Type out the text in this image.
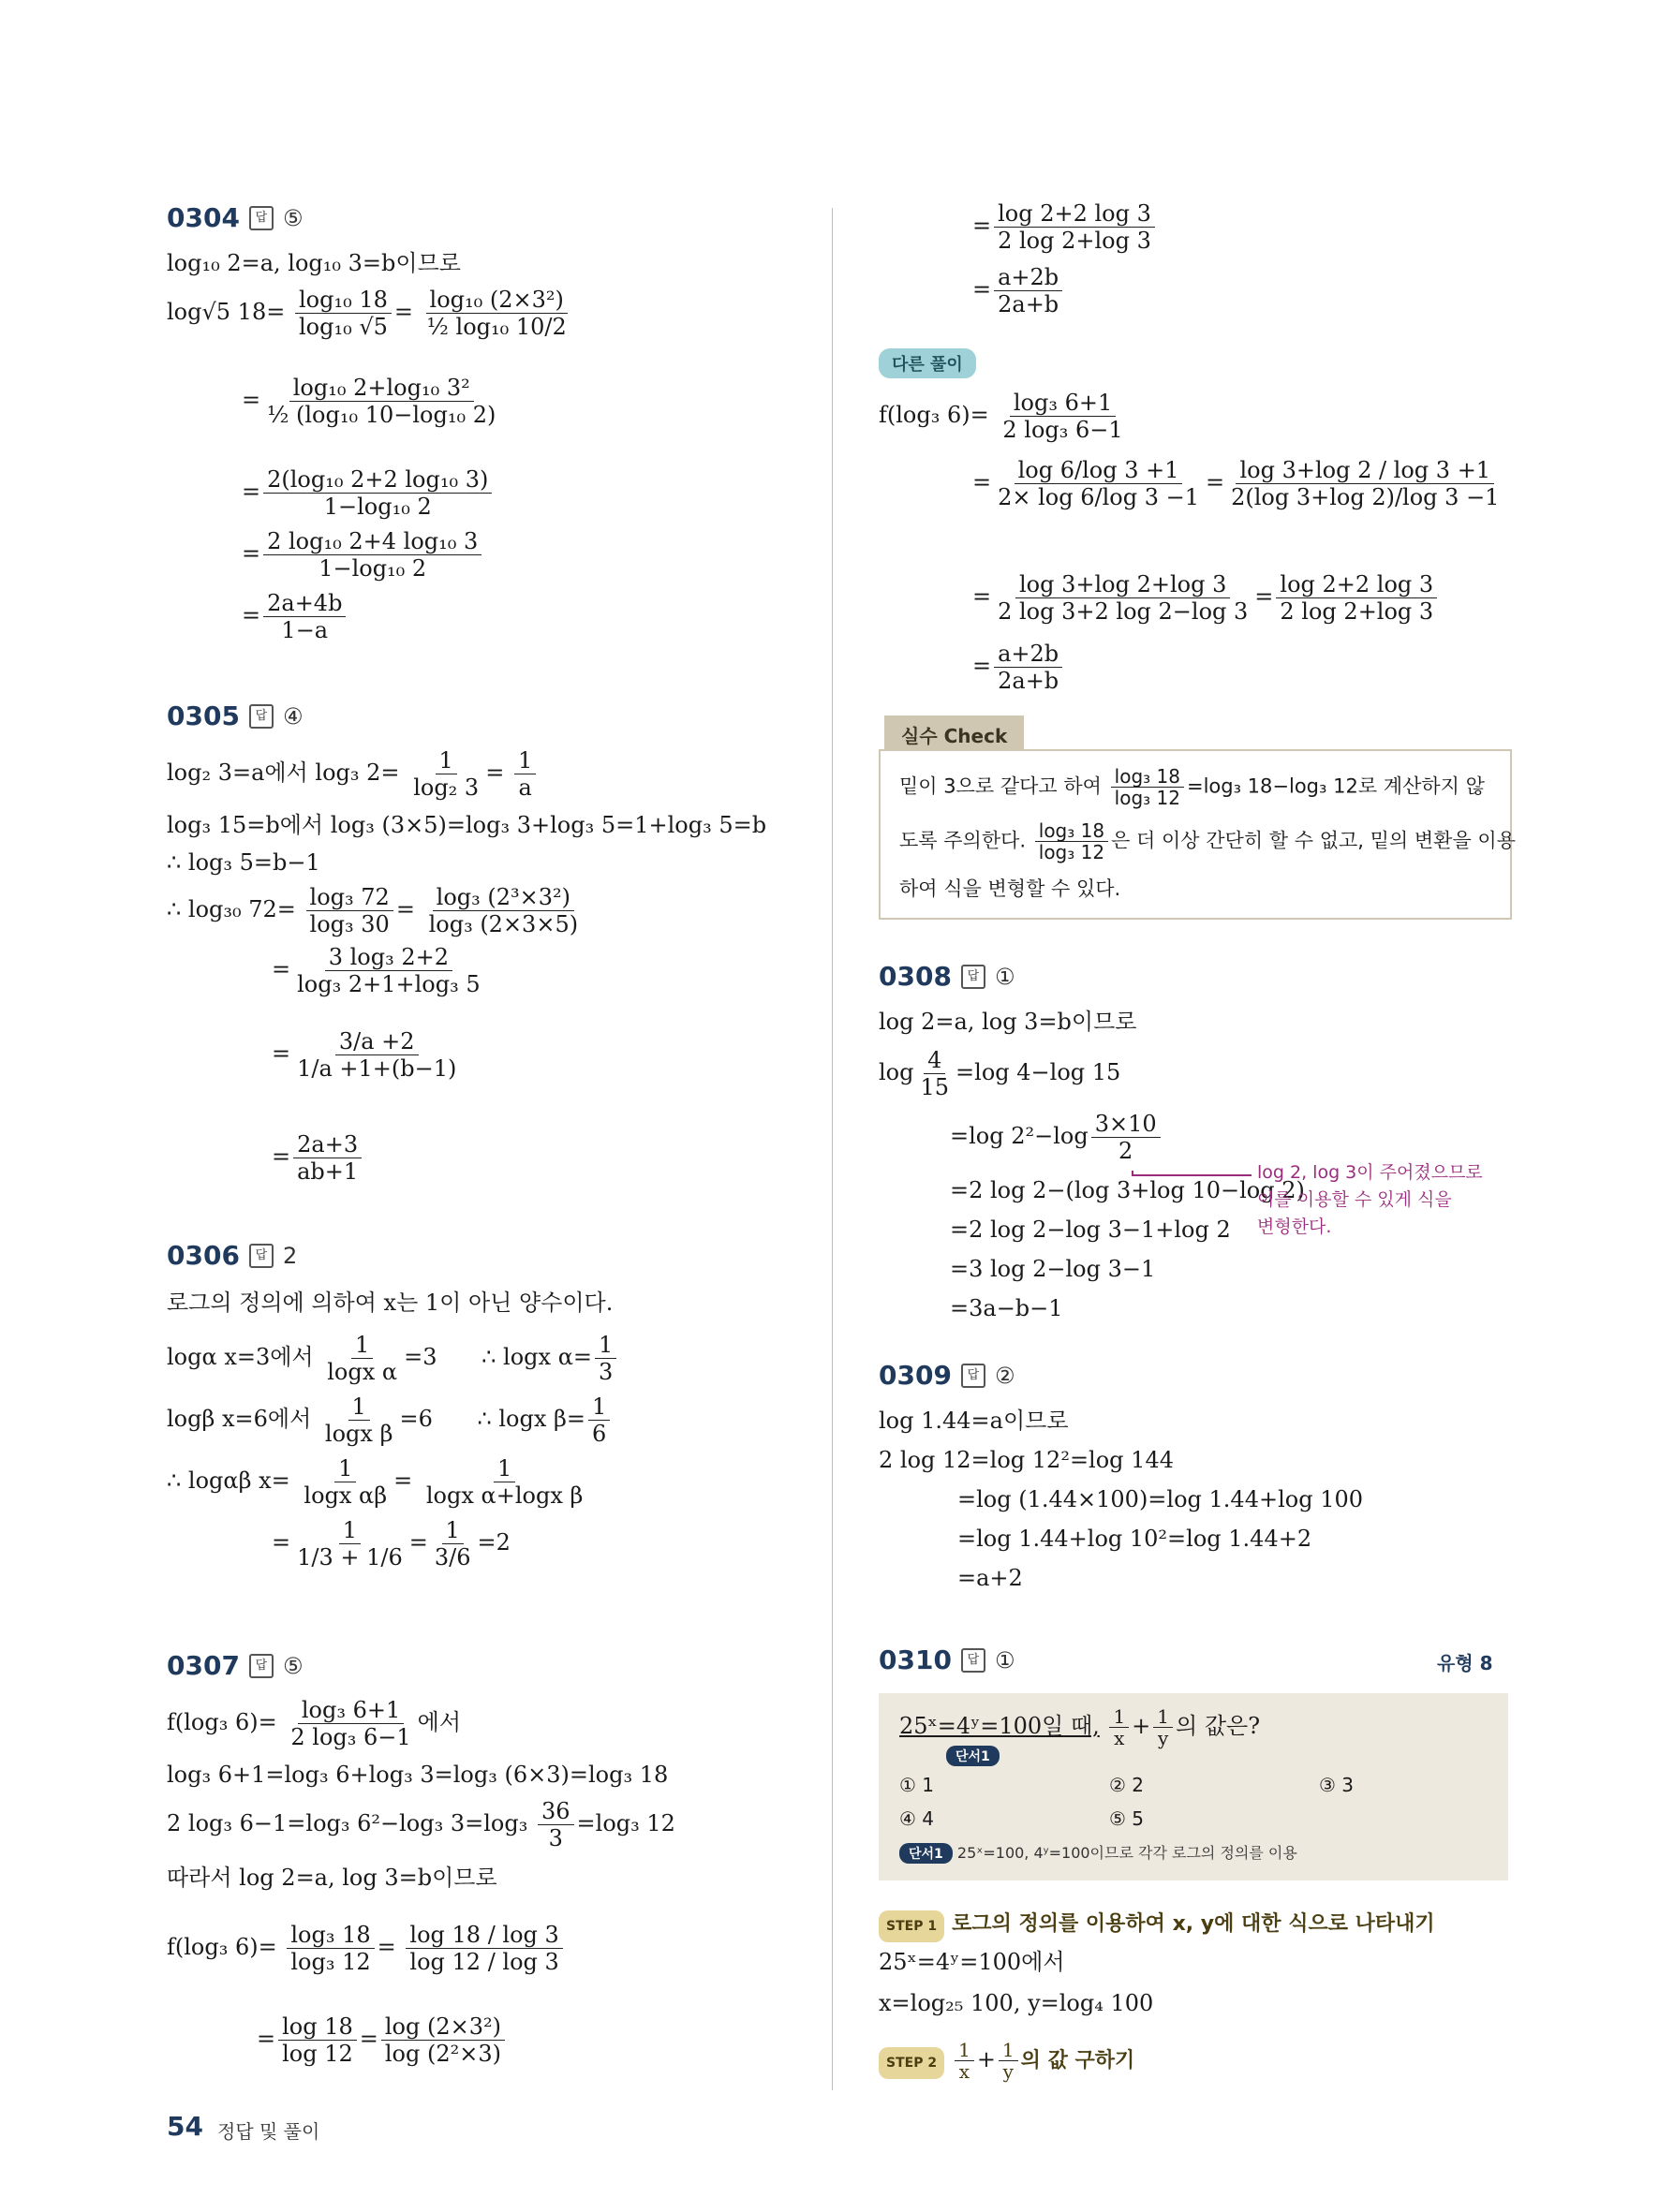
0304	답 ⑤
log₁₀ 2=a, log₁₀ 3=b이므로
log√5 $18= \frac{\text{log₁₀ 18}}{\text{log₁₀ √5}} = \frac{\text{log₁₀ (2×3²)}}{\text{½ log₁₀ 10/2}}$
= $\frac{\text{log₁₀ 2+log₁₀ 3²}}{\text{½ (log₁₀ 10−log₁₀ 2)}}$
= $\frac{\text{2(log₁₀ 2+2 log₁₀ 3)}}{\text{1−log₁₀ 2}}$
= $\frac{\text{2 log₁₀ 2+4 log₁₀ 3}}{\text{1−log₁₀ 2}}$
= $\frac{2a+4b}{1-a}$
0305	답 ④
log₂ 3=a에서 log₃ $2= \frac{1}{\text{log₂ 3}} = \frac{1}{a}$
log₃ 15=b에서 log₃ (3×5)=log₃ 3+log₃ 5=1+log₃ 5=b
∴ log₃ 5=b−1
∴ log₃₀ $72= \frac{\text{log₃ 72}}{\text{log₃ 30}} = \frac{\text{log₃ (2³×3²)}}{\text{log₃ (2×3×5)}}$
= $\frac{\text{3 log₃ 2+2}}{\text{log₃ 2+1+log₃ 5}}$
= $\frac{3/a +2}{1/a +1+(b-1)}$
= $\frac{2a+3}{ab+1}$
0306	답 2
로그의 정의에 의하여 x는 1이 아닌 양수이다.
logα x=3에서 $\frac{1}{\text{logx α}} =3$ ∴ logx $\alpha= \frac{1}{3}$
logβ x=6에서 $\frac{1}{\text{logx β}} =6$ ∴ logx $\beta= \frac{1}{6}$
∴ logαβ $x= \frac{1}{\text{logx αβ}} = \frac{1}{\text{logx α+logx β}}$
= $\frac{1}{1/3 + 1/6} = \frac{1}{3/6} =2$
0307	답 ⑤
f(log₃ $6)= \frac{\text{log₃ 6+1}}{\text{2 log₃ 6−1}}$ 에서
log₃ 6+1=log₃ 6+log₃ 3=log₃ (6×3)=log₃ 18
2 log₃ 6−1=log₃ 6²−log₃ $3=\log_3 \frac{36}{3} =\log_3$ 12
따라서 log 2=a, log 3=b이므로
f(log₃ $6)= \frac{\text{log₃ 18}}{\text{log₃ 12}} = \frac{\log 18 / \log 3}{\log 12 / \log 3}$
= $\frac{\log 18}{\log 12} = \frac{\text{log (2×3²)}}{\text{log (2²×3)}}$
= $\frac{\log 2+2 \log 3}{2 \log 2+\log 3}$
= $\frac{a+2b}{2a+b}$
다른 풀이
f(log₃ $6)= \frac{\text{log₃ 6+1}}{\text{2 log₃ 6−1}}$
= $\frac{\log 6/\log 3 +1}{2\times \log 6/\log 3 -1} = \frac{\log 3+\log 2 / \log 3 +1}{2(\log 3+\log 2)/\log 3 -1}$
= $\frac{\log 3+\log 2+\log 3}{2 \log 3+2 \log 2-\log 3} = \frac{\log 2+2 \log 3}{2 \log 2+\log 3}$
= $\frac{a+2b}{2a+b}$
실수 Check
밑이 3으로 같다고 하여 $\frac{\text{log₃ 18}}{\text{log₃ 12}} =\log_3$ 18−log₃ 12로 계산하지 않
도록 주의한다. $\frac{\text{log₃ 18}}{\text{log₃ 12}}$ 은 더 이상 간단히 할 수 없고, 밑의 변환을 이용
하여 식을 변형할 수 있다.
0308	답 ①
log 2=a, log 3=b이므로
$\log \frac{4}{15} =\log$ 4−log 15
=log $2^2-\log \frac{3\times 10}{2}$
=2 log 2−(log 3+log 10−log 2)
=2 log 2−log 3−1+log 2
=3 log 2−log 3−1
=3a−b−1
log 2, log 3이 주어졌으므로
이를 이용할 수 있게 식을
변형한다.
0309	답 ②
log 1.44=a이므로
2 log 12=log 12²=log 144
=log (1.44×100)=log 1.44+log 100
=log 1.44+log 10²=log 1.44+2
=a+2
0310	답 ①	유형 8
25ˣ=4ʸ=100일 때, $\frac{1}{x} + \frac{1}{y}$ 의 값은?
단서1
① 1	② 2	③ 3
④ 4	⑤ 5
단서1 25ˣ=100, 4ʸ=100이므로 각각 로그의 정의를 이용
STEP 1 로그의 정의를 이용하여 x, y에 대한 식으로 나타내기
25ˣ=4ʸ=100에서
x=log₂₅ 100, y=log₄ 100
STEP $2 \frac{1}{x} + \frac{1}{y}$ 의 값 구하기
54 정답 및 풀이
